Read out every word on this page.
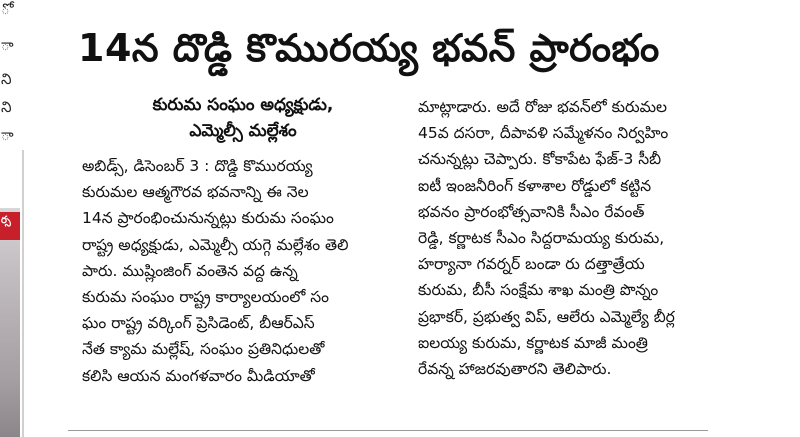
ో
ా
ని
ని
ా
ర్స
14న దొడ్డి కొమురయ్య భవన్ ప్రారంభం
కురుమ సంఘం అధ్యక్షుడు,
ఎమ్మెల్సీ మల్లేశం
అబిడ్స్, డిసెంబర్ 3 : దొడ్డి కొమురయ్య
కురుమల ఆత్మగౌరవ భవనాన్ని ఈ నెల
14న ప్రారంభించునున్నట్లు కురుమ సంఘం
రాష్ట్ర అధ్యక్షుడు, ఎమ్మెల్సీ యగ్గె మల్లేశం తెలి
పారు. ముష్లింజింగ్ వంతెన వద్ద ఉన్న
కురుమ సంఘం రాష్ట్ర కార్యాలయంలో సం
ఘం రాష్ట్ర వర్కింగ్ ప్రెసిడెంట్, బీఆర్ఎస్
నేత క్యామ మల్లేష్, సంఘం ప్రతినిధులతో
కలిసి ఆయన మంగళవారం మీడియాతో
మాట్లాడారు. అదే రోజు భవన్‌లో కురుమల
45వ దసరా, దీపావళి సమ్మేళనం నిర్వహిం
చనున్నట్లు చెప్పారు. కోకాపేట ఫేజ్-3 సీబీ
ఐటీ ఇంజనీరింగ్ కళాశాల రోడ్డులో కట్టిన
భవనం ప్రారంభోత్సవానికి సీఎం రేవంత్
రెడ్డి, కర్ణాటక సీఎం సిద్దరామయ్య కురుమ,
హర్యానా గవర్నర్ బండా రు దత్తాత్రేయ
కురుమ, బీసీ సంక్షేమ శాఖ మంత్రి పొన్నం
ప్రభాకర్, ప్రభుత్వ విప్, ఆలేరు ఎమ్మెల్యే బీర్ల
ఐలయ్య కురుమ, కర్ణాటక మాజీ మంత్రి
రేవన్న హాజరవుతారని తెలిపారు.
